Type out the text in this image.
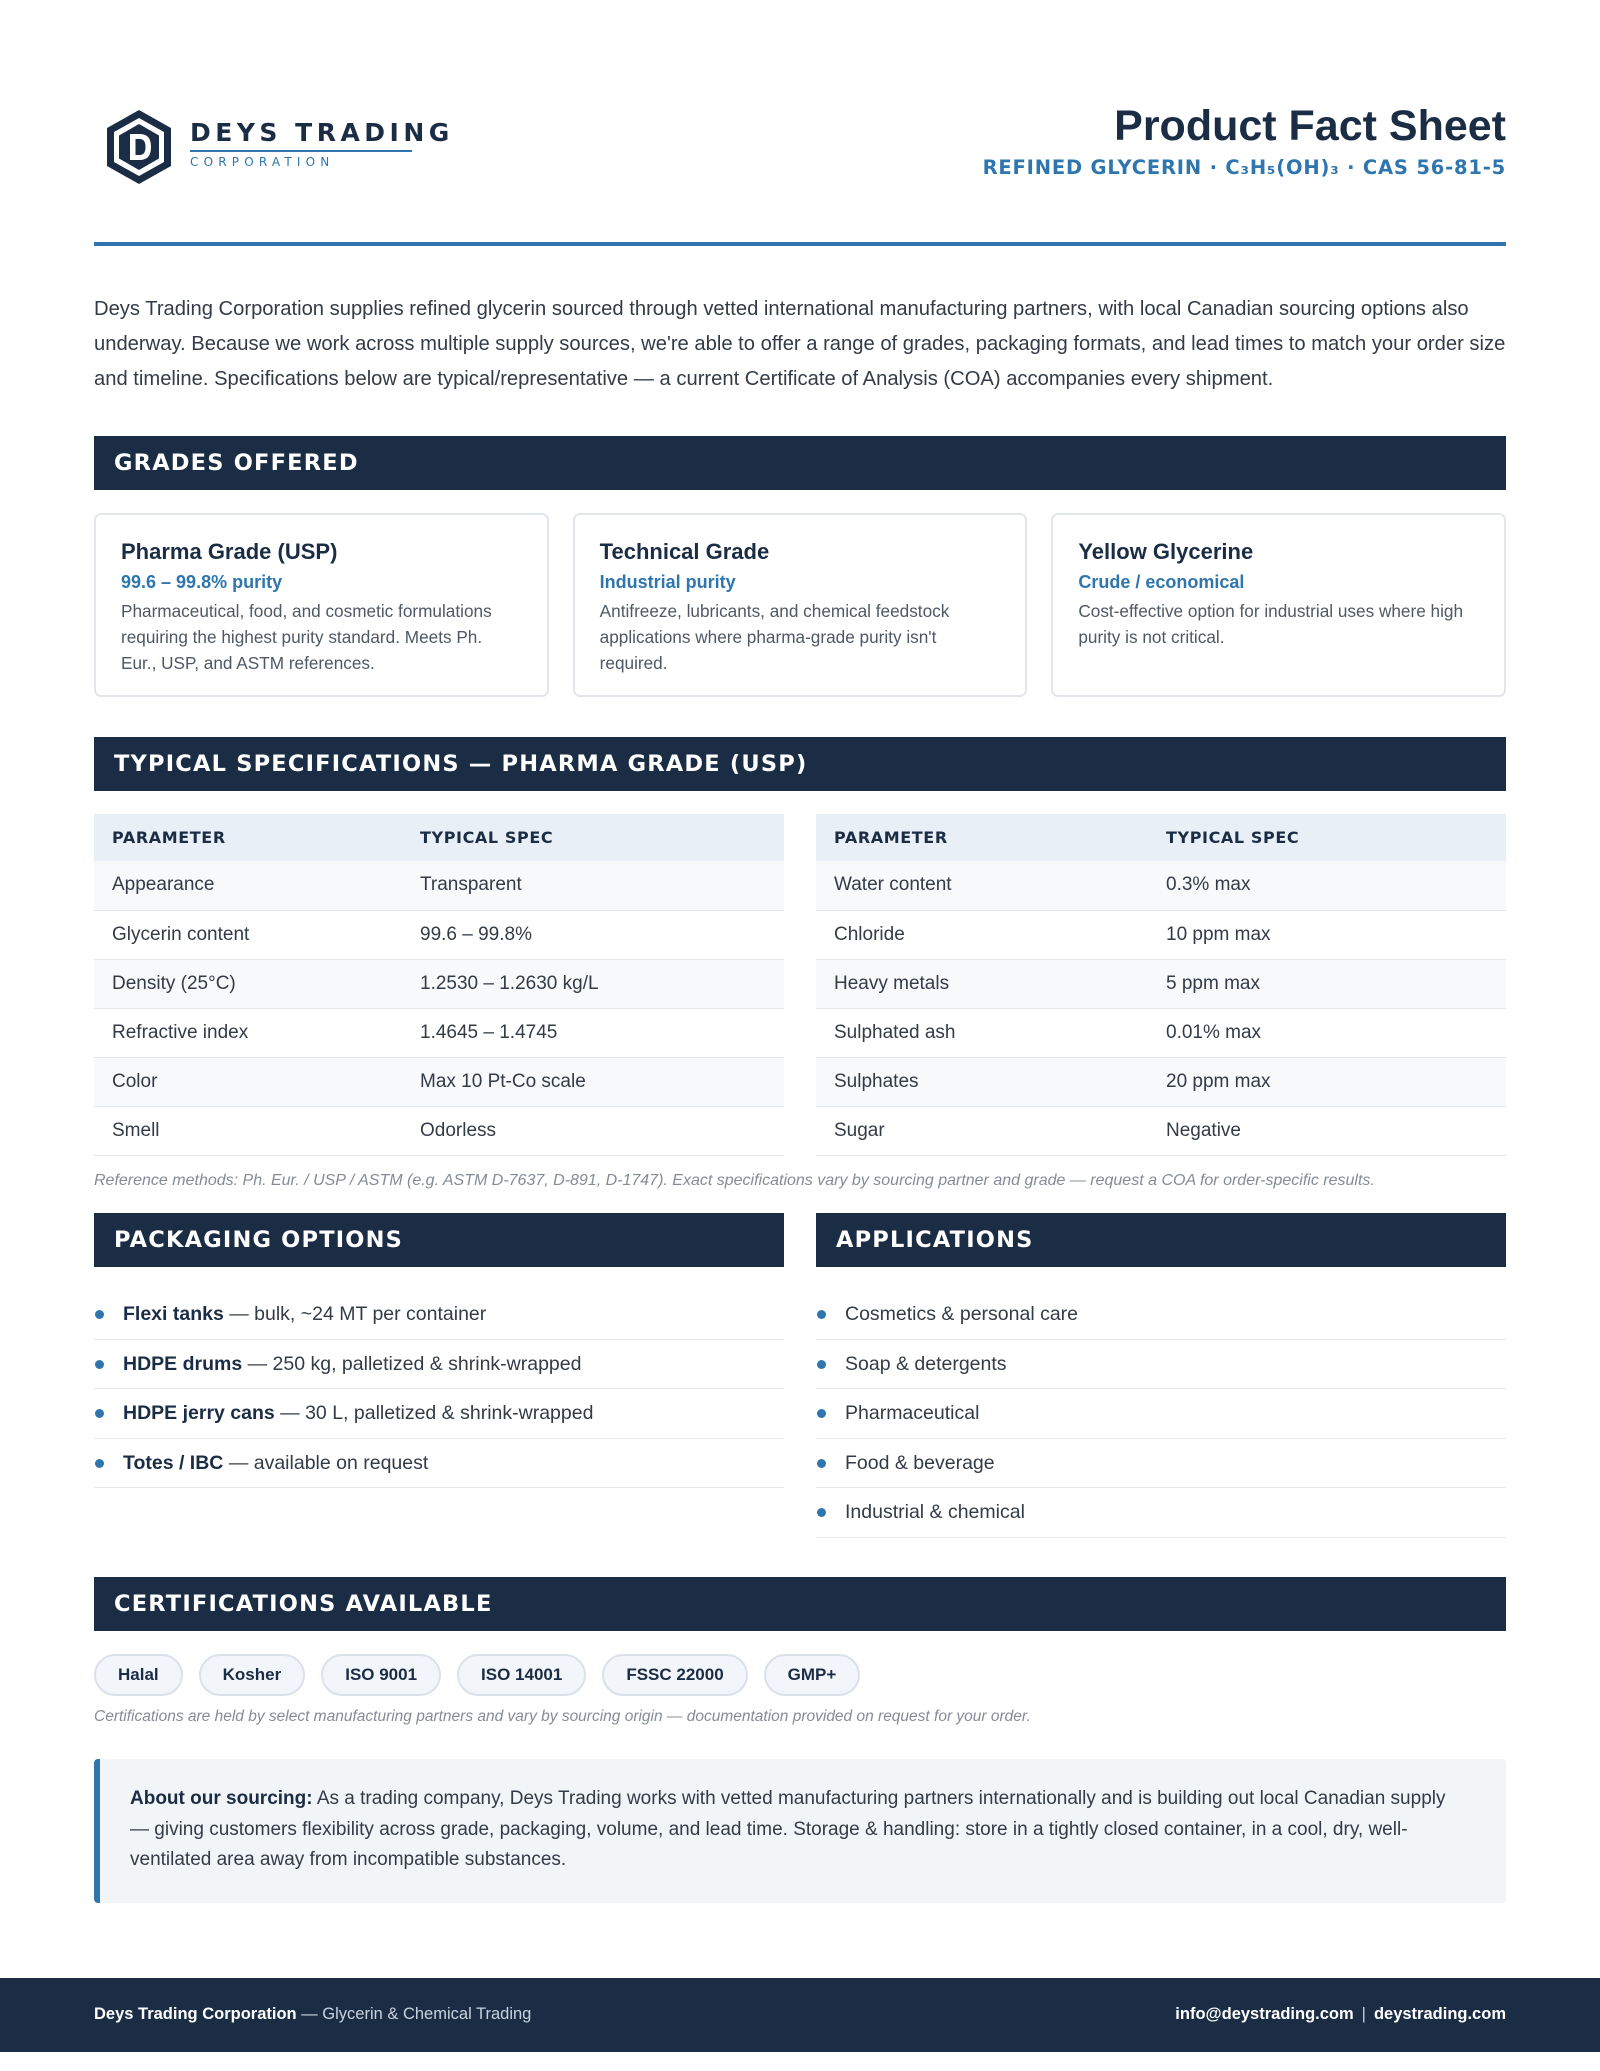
DEYS TRADING
CORPORATION
Product Fact Sheet
REFINED GLYCERIN · C₃H₅(OH)₃ · CAS 56-81-5

Deys Trading Corporation supplies refined glycerin sourced through vetted international manufacturing partners, with local Canadian sourcing options also underway. Because we work across multiple supply sources, we're able to offer a range of grades, packaging formats, and lead times to match your order size and timeline. Specifications below are typical/representative — a current Certificate of Analysis (COA) accompanies every shipment.

GRADES OFFERED
Pharma Grade (USP)
99.6 – 99.8% purity
Pharmaceutical, food, and cosmetic formulations requiring the highest purity standard. Meets Ph. Eur., USP, and ASTM references.
Technical Grade
Industrial purity
Antifreeze, lubricants, and chemical feedstock applications where pharma-grade purity isn't required.
Yellow Glycerine
Crude / economical
Cost-effective option for industrial uses where high purity is not critical.
TYPICAL SPECIFICATIONS — PHARMA GRADE (USP)
PARAMETER	TYPICAL SPEC
Appearance	Transparent
Glycerin content	99.6 – 99.8%
Density (25°C)	1.2530 – 1.2630 kg/L
Refractive index	1.4645 – 1.4745
Color	Max 10 Pt-Co scale
Smell	Odorless
PARAMETER	TYPICAL SPEC
Water content	0.3% max
Chloride	10 ppm max
Heavy metals	5 ppm max
Sulphated ash	0.01% max
Sulphates	20 ppm max
Sugar	Negative
Reference methods: Ph. Eur. / USP / ASTM (e.g. ASTM D-7637, D-891, D-1747). Exact specifications vary by sourcing partner and grade — request a COA for order-specific results.
PACKAGING OPTIONS	APPLICATIONS
Flexi tanks — bulk, ~24 MT per container
HDPE drums — 250 kg, palletized & shrink-wrapped
HDPE jerry cans — 30 L, palletized & shrink-wrapped
Totes / IBC — available on request
Cosmetics & personal care
Soap & detergents
Pharmaceutical
Food & beverage
Industrial & chemical
CERTIFICATIONS AVAILABLE
Halal	Kosher	ISO 9001	ISO 14001	FSSC 22000	GMP+
Certifications are held by select manufacturing partners and vary by sourcing origin — documentation provided on request for your order.
About our sourcing: As a trading company, Deys Trading works with vetted manufacturing partners internationally and is building out local Canadian supply — giving customers flexibility across grade, packaging, volume, and lead time. Storage & handling: store in a tightly closed container, in a cool, dry, well-ventilated area away from incompatible substances.
Deys Trading Corporation — Glycerin & Chemical Trading	info@deystrading.com | deystrading.com
